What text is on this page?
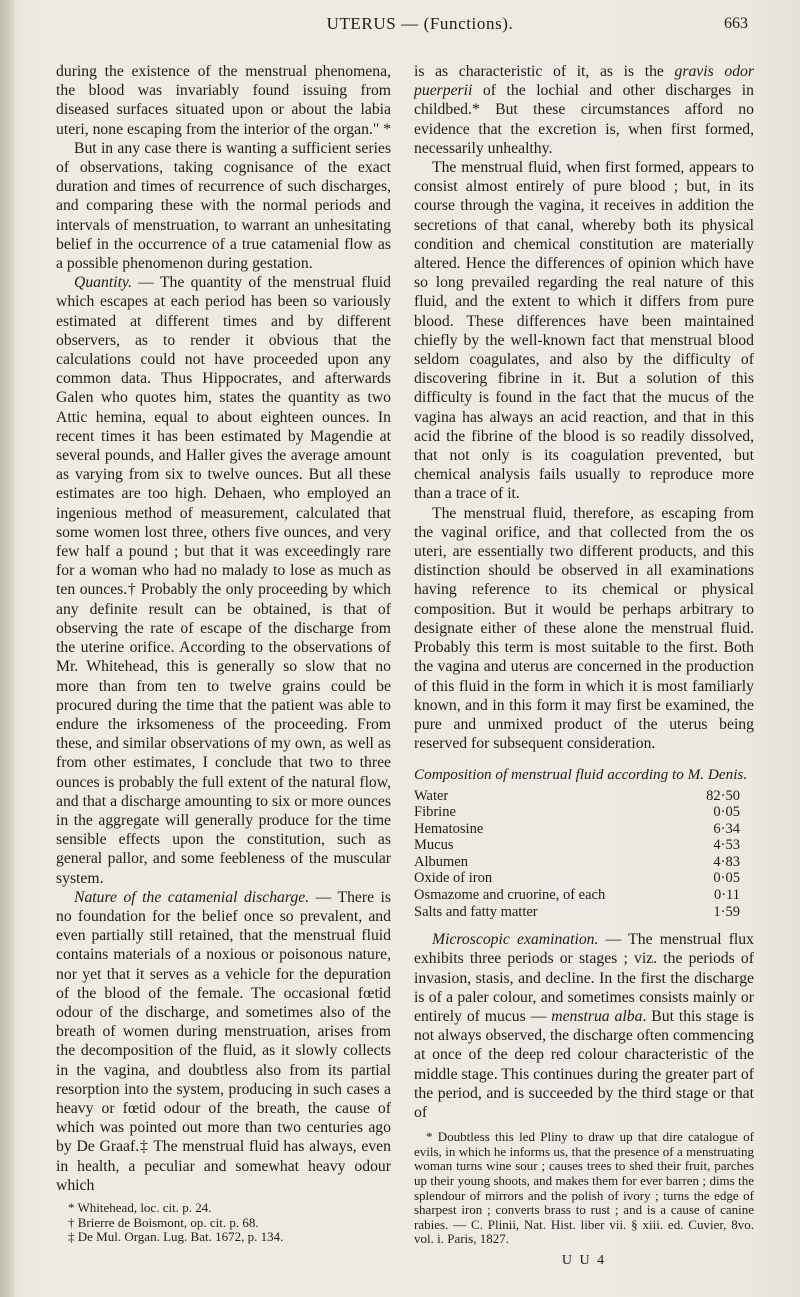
UTERUS — (Functions).	663

during the existence of the menstrual phenomena, the blood was invariably found issuing from diseased surfaces situated upon or about the labia uteri, none escaping from the interior of the organ." *

But in any case there is wanting a sufficient series of observations, taking cognisance of the exact duration and times of recurrence of such discharges, and comparing these with the normal periods and intervals of menstruation, to warrant an unhesitating belief in the occurrence of a true catamenial flow as a possible phenomenon during gestation.

Quantity. — The quantity of the menstrual fluid which escapes at each period has been so variously estimated at different times and by different observers, as to render it obvious that the calculations could not have proceeded upon any common data. Thus Hippocrates, and afterwards Galen who quotes him, states the quantity as two Attic hemina, equal to about eighteen ounces. In recent times it has been estimated by Magendie at several pounds, and Haller gives the average amount as varying from six to twelve ounces. But all these estimates are too high. Dehaen, who employed an ingenious method of measurement, calculated that some women lost three, others five ounces, and very few half a pound ; but that it was exceedingly rare for a woman who had no malady to lose as much as ten ounces.† Probably the only proceeding by which any definite result can be obtained, is that of observing the rate of escape of the discharge from the uterine orifice. According to the observations of Mr. Whitehead, this is generally so slow that no more than from ten to twelve grains could be procured during the time that the patient was able to endure the irksomeness of the proceeding. From these, and similar observations of my own, as well as from other estimates, I conclude that two to three ounces is probably the full extent of the natural flow, and that a discharge amounting to six or more ounces in the aggregate will generally produce for the time sensible effects upon the constitution, such as general pallor, and some feebleness of the muscular system.

Nature of the catamenial discharge. — There is no foundation for the belief once so prevalent, and even partially still retained, that the menstrual fluid contains materials of a noxious or poisonous nature, nor yet that it serves as a vehicle for the depuration of the blood of the female. The occasional fœtid odour of the discharge, and sometimes also of the breath of women during menstruation, arises from the decomposition of the fluid, as it slowly collects in the vagina, and doubtless also from its partial resorption into the system, producing in such cases a heavy or fœtid odour of the breath, the cause of which was pointed out more than two centuries ago by De Graaf.‡ The menstrual fluid has always, even in health, a peculiar and somewhat heavy odour which

* Whitehead, loc. cit. p. 24.
† Brierre de Boismont, op. cit. p. 68.
‡ De Mul. Organ. Lug. Bat. 1672, p. 134.

is as characteristic of it, as is the gravis odor puerperii of the lochial and other discharges in childbed.* But these circumstances afford no evidence that the excretion is, when first formed, necessarily unhealthy.

The menstrual fluid, when first formed, appears to consist almost entirely of pure blood ; but, in its course through the vagina, it receives in addition the secretions of that canal, whereby both its physical condition and chemical constitution are materially altered. Hence the differences of opinion which have so long prevailed regarding the real nature of this fluid, and the extent to which it differs from pure blood. These differences have been maintained chiefly by the well-known fact that menstrual blood seldom coagulates, and also by the difficulty of discovering fibrine in it. But a solution of this difficulty is found in the fact that the mucus of the vagina has always an acid reaction, and that in this acid the fibrine of the blood is so readily dissolved, that not only is its coagulation prevented, but chemical analysis fails usually to reproduce more than a trace of it.

The menstrual fluid, therefore, as escaping from the vaginal orifice, and that collected from the os uteri, are essentially two different products, and this distinction should be observed in all examinations having reference to its chemical or physical composition. But it would be perhaps arbitrary to designate either of these alone the menstrual fluid. Probably this term is most suitable to the first. Both the vagina and uterus are concerned in the production of this fluid in the form in which it is most familiarly known, and in this form it may first be examined, the pure and unmixed product of the uterus being reserved for subsequent consideration.

Composition of menstrual fluid according to M. Denis.
Water	82·50
Fibrine	0·05
Hematosine	6·34
Mucus	4·53
Albumen	4·83
Oxide of iron	0·05
Osmazome and cruorine, of each	0·11
Salts and fatty matter	1·59

Microscopic examination. — The menstrual flux exhibits three periods or stages ; viz. the periods of invasion, stasis, and decline. In the first the discharge is of a paler colour, and sometimes consists mainly or entirely of mucus — menstrua alba. But this stage is not always observed, the discharge often commencing at once of the deep red colour characteristic of the middle stage. This continues during the greater part of the period, and is succeeded by the third stage or that of

* Doubtless this led Pliny to draw up that dire catalogue of evils, in which he informs us, that the presence of a menstruating woman turns wine sour ; causes trees to shed their fruit, parches up their young shoots, and makes them for ever barren ; dims the splendour of mirrors and the polish of ivory ; turns the edge of sharpest iron ; converts brass to rust ; and is a cause of canine rabies. — C. Plinii, Nat. Hist. liber vii. § xiii. ed. Cuvier, 8vo. vol. i. Paris, 1827.

U U 4
